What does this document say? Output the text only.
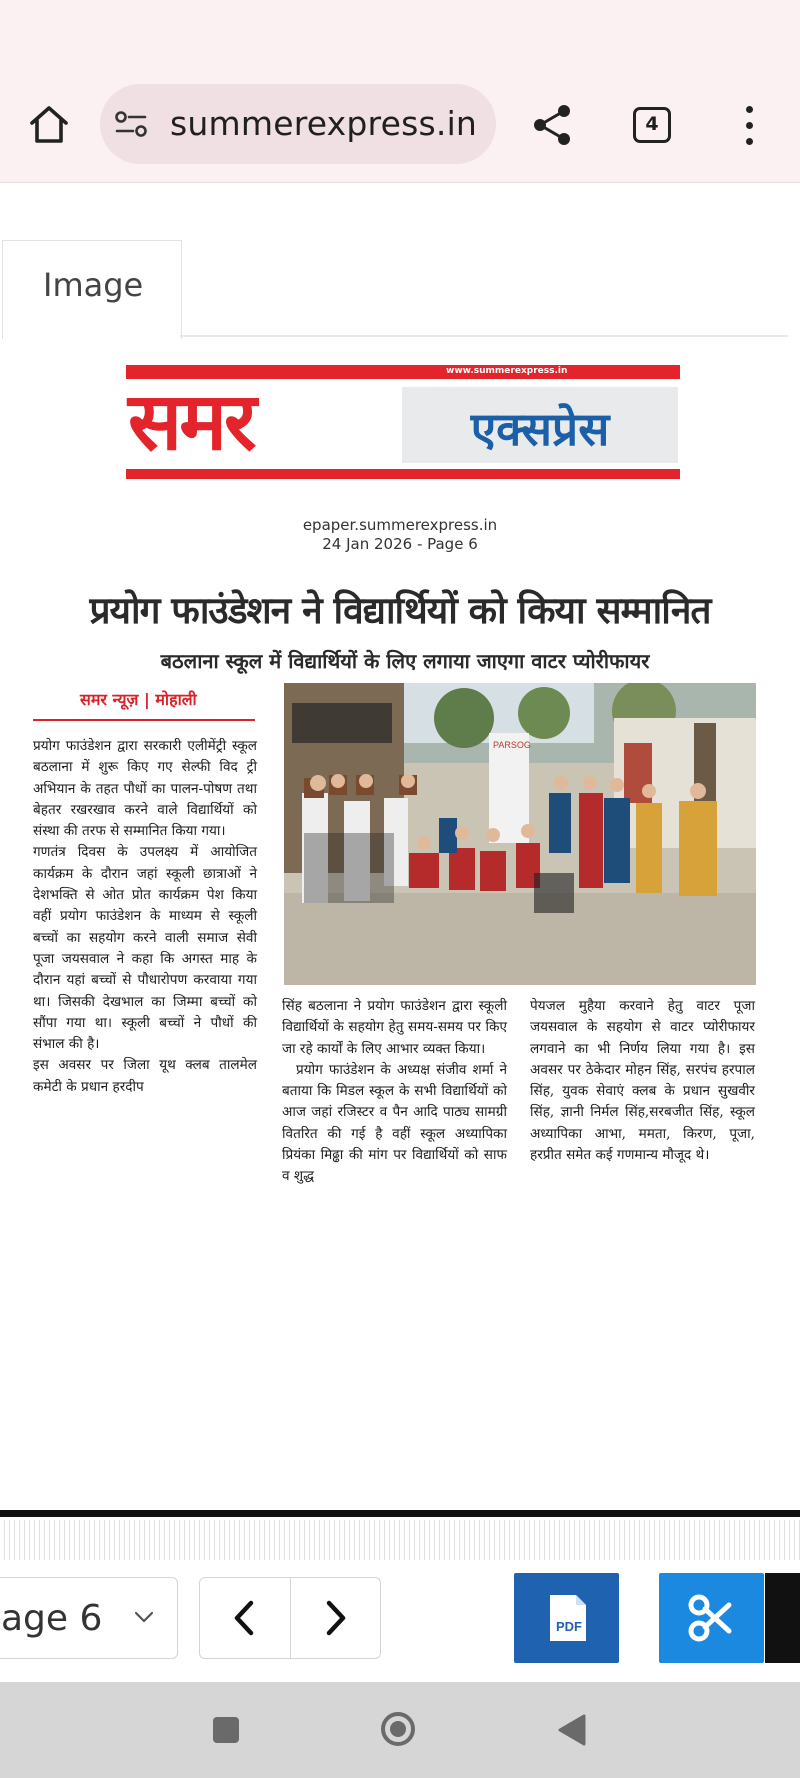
summerexpress.in	4
Image
www.summerexpress.in
समर	एक्सप्रेस
epaper.summerexpress.in
24 Jan 2026 - Page 6
प्रयोग फाउंडेशन ने विद्यार्थियों को किया सम्मानित
बठलाना स्कूल में विद्यार्थियों के लिए लगाया जाएगा वाटर प्योरीफायर
समर न्यूज़ | मोहाली

प्रयोग फाउंडेशन द्वारा सरकारी एलीमेंट्री स्कूल बठलाना में शुरू किए गए सेल्फी विद ट्री अभियान के तहत पौधों का पालन-पोषण तथा बेहतर रखरखाव करने वाले विद्यार्थियों को संस्था की तरफ से सम्मानित किया गया।

गणतंत्र दिवस के उपलक्ष्य में आयोजित कार्यक्रम के दौरान जहां स्कूली छात्राओं ने देशभक्ति से ओत प्रोत कार्यक्रम पेश किया वहीं प्रयोग फाउंडेशन के माध्यम से स्कूली बच्चों का सहयोग करने वाली समाज सेवी पूजा जयसवाल ने कहा कि अगस्त माह के दौरान यहां बच्चों से पौधारोपण करवाया गया था। जिसकी देखभाल का जिम्मा बच्चों को सौंपा गया था। स्कूली बच्चों ने पौधों की संभाल की है।

इस अवसर पर जिला यूथ क्लब तालमेल कमेटी के प्रधान हरदीप

PARSOG

सिंह बठलाना ने प्रयोग फाउंडेशन द्वारा स्कूली विद्यार्थियों के सहयोग हेतु समय-समय पर किए जा रहे कार्यों के लिए आभार व्यक्त किया।

प्रयोग फाउंडेशन के अध्यक्ष संजीव शर्मा ने बताया कि मिडल स्कूल के सभी विद्यार्थियों को आज जहां रजिस्टर व पैन आदि पाठ्य सामग्री वितरित की गई है वहीं स्कूल अध्यापिका प्रियंका मिढ्ढा की मांग पर विद्यार्थियों को साफ व शुद्ध

पेयजल मुहैया करवाने हेतु वाटर पूजा जयसवाल के सहयोग से वाटर प्योरीफायर लगवाने का भी निर्णय लिया गया है। इस अवसर पर ठेकेदार मोहन सिंह, सरपंच हरपाल सिंह, युवक सेवाएं क्लब के प्रधान सुखवीर सिंह, ज्ञानी निर्मल सिंह,सरबजीत सिंह, स्कूल अध्यापिका आभा, ममता, किरण, पूजा, हरप्रीत समेत कई गणमान्य मौजूद थे।

age 6	PDF
